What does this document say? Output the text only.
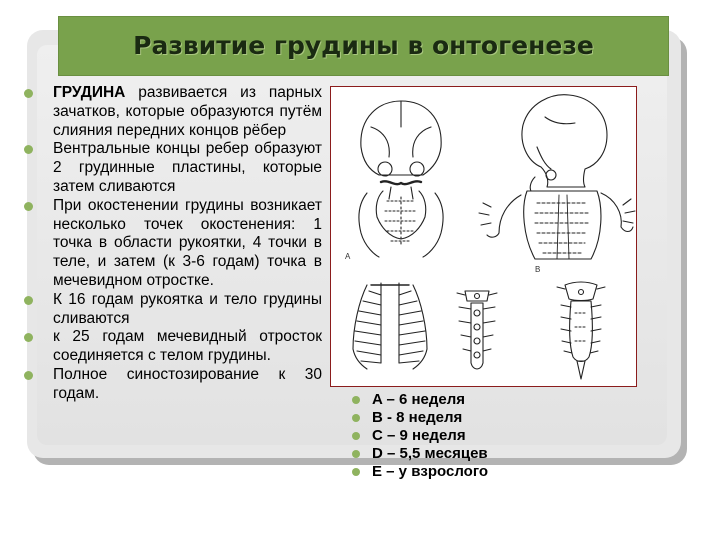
Развитие грудины в онтогенезе
ГРУДИНА развивается из парных зачатков, которые образуются путём слияния передних концов рёбер
Вентральные концы ребер образуют 2 грудинные пластины, которые затем сливаются
При окостенении грудины возникает несколько точек окостенения: 1 точка в области рукоятки, 4 точки в теле, и затем (к 3-6 годам) точка в мечевидном отростке.
К 16 годам рукоятка и тело грудины сливаются
к 25 годам мечевидный отросток соединяется с телом грудины.
Полное синостозирование к 30 годам.
A
B
A – 6 неделя
B - 8 неделя
C – 9 неделя
D – 5,5 месяцев
E – у взрослого
